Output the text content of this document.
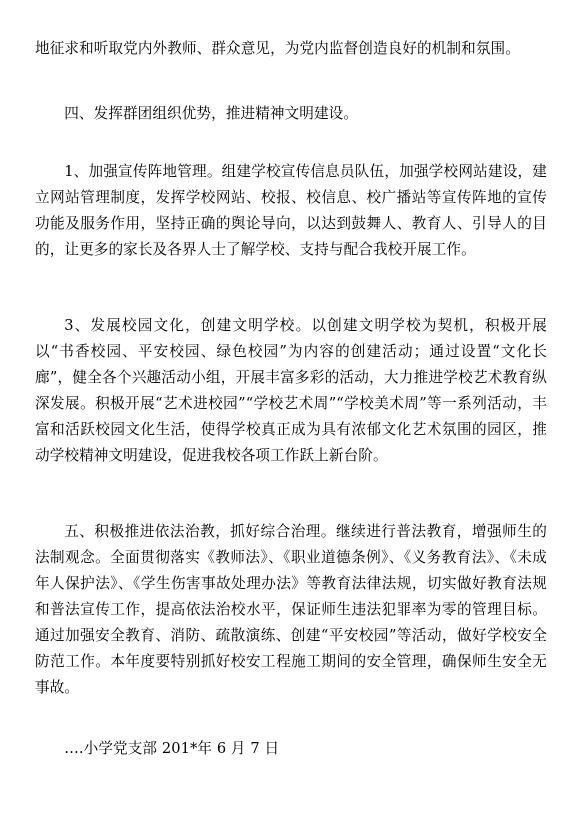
地征求和听取党内外教师、群众意见，为党内监督创造良好的机制和氛围。

四、发挥群团组织优势，推进精神文明建设。

1、加强宣传阵地管理。组建学校宣传信息员队伍，加强学校网站建设，建立网站管理制度，发挥学校网站、校报、校信息、校广播站等宣传阵地的宣传功能及服务作用，坚持正确的舆论导向，以达到鼓舞人、教育人、引导人的目的，让更多的家长及各界人士了解学校、支持与配合我校开展工作。

3、发展校园文化，创建文明学校。以创建文明学校为契机，积极开展以“书香校园、平安校园、绿色校园”为内容的创建活动；通过设置“文化长廊”，健全各个兴趣活动小组，开展丰富多彩的活动，大力推进学校艺术教育纵深发展。积极开展“艺术进校园”“学校艺术周”“学校美术周”等一系列活动，丰富和活跃校园文化生活，使得学校真正成为具有浓郁文化艺术氛围的园区，推动学校精神文明建设，促进我校各项工作跃上新台阶。

五、积极推进依法治教，抓好综合治理。继续进行普法教育，增强师生的法制观念。全面贯彻落实《教师法》、《职业道德条例》、《义务教育法》、《未成年人保护法》、《学生伤害事故处理办法》等教育法律法规，切实做好教育法规和普法宣传工作，提高依法治校水平，保证师生违法犯罪率为零的管理目标。通过加强安全教育、消防、疏散演练、创建“平安校园”等活动，做好学校安全防范工作。本年度要特别抓好校安工程施工期间的安全管理，确保师生安全无事故。

….小学党支部 201*年 6 月 7 日
